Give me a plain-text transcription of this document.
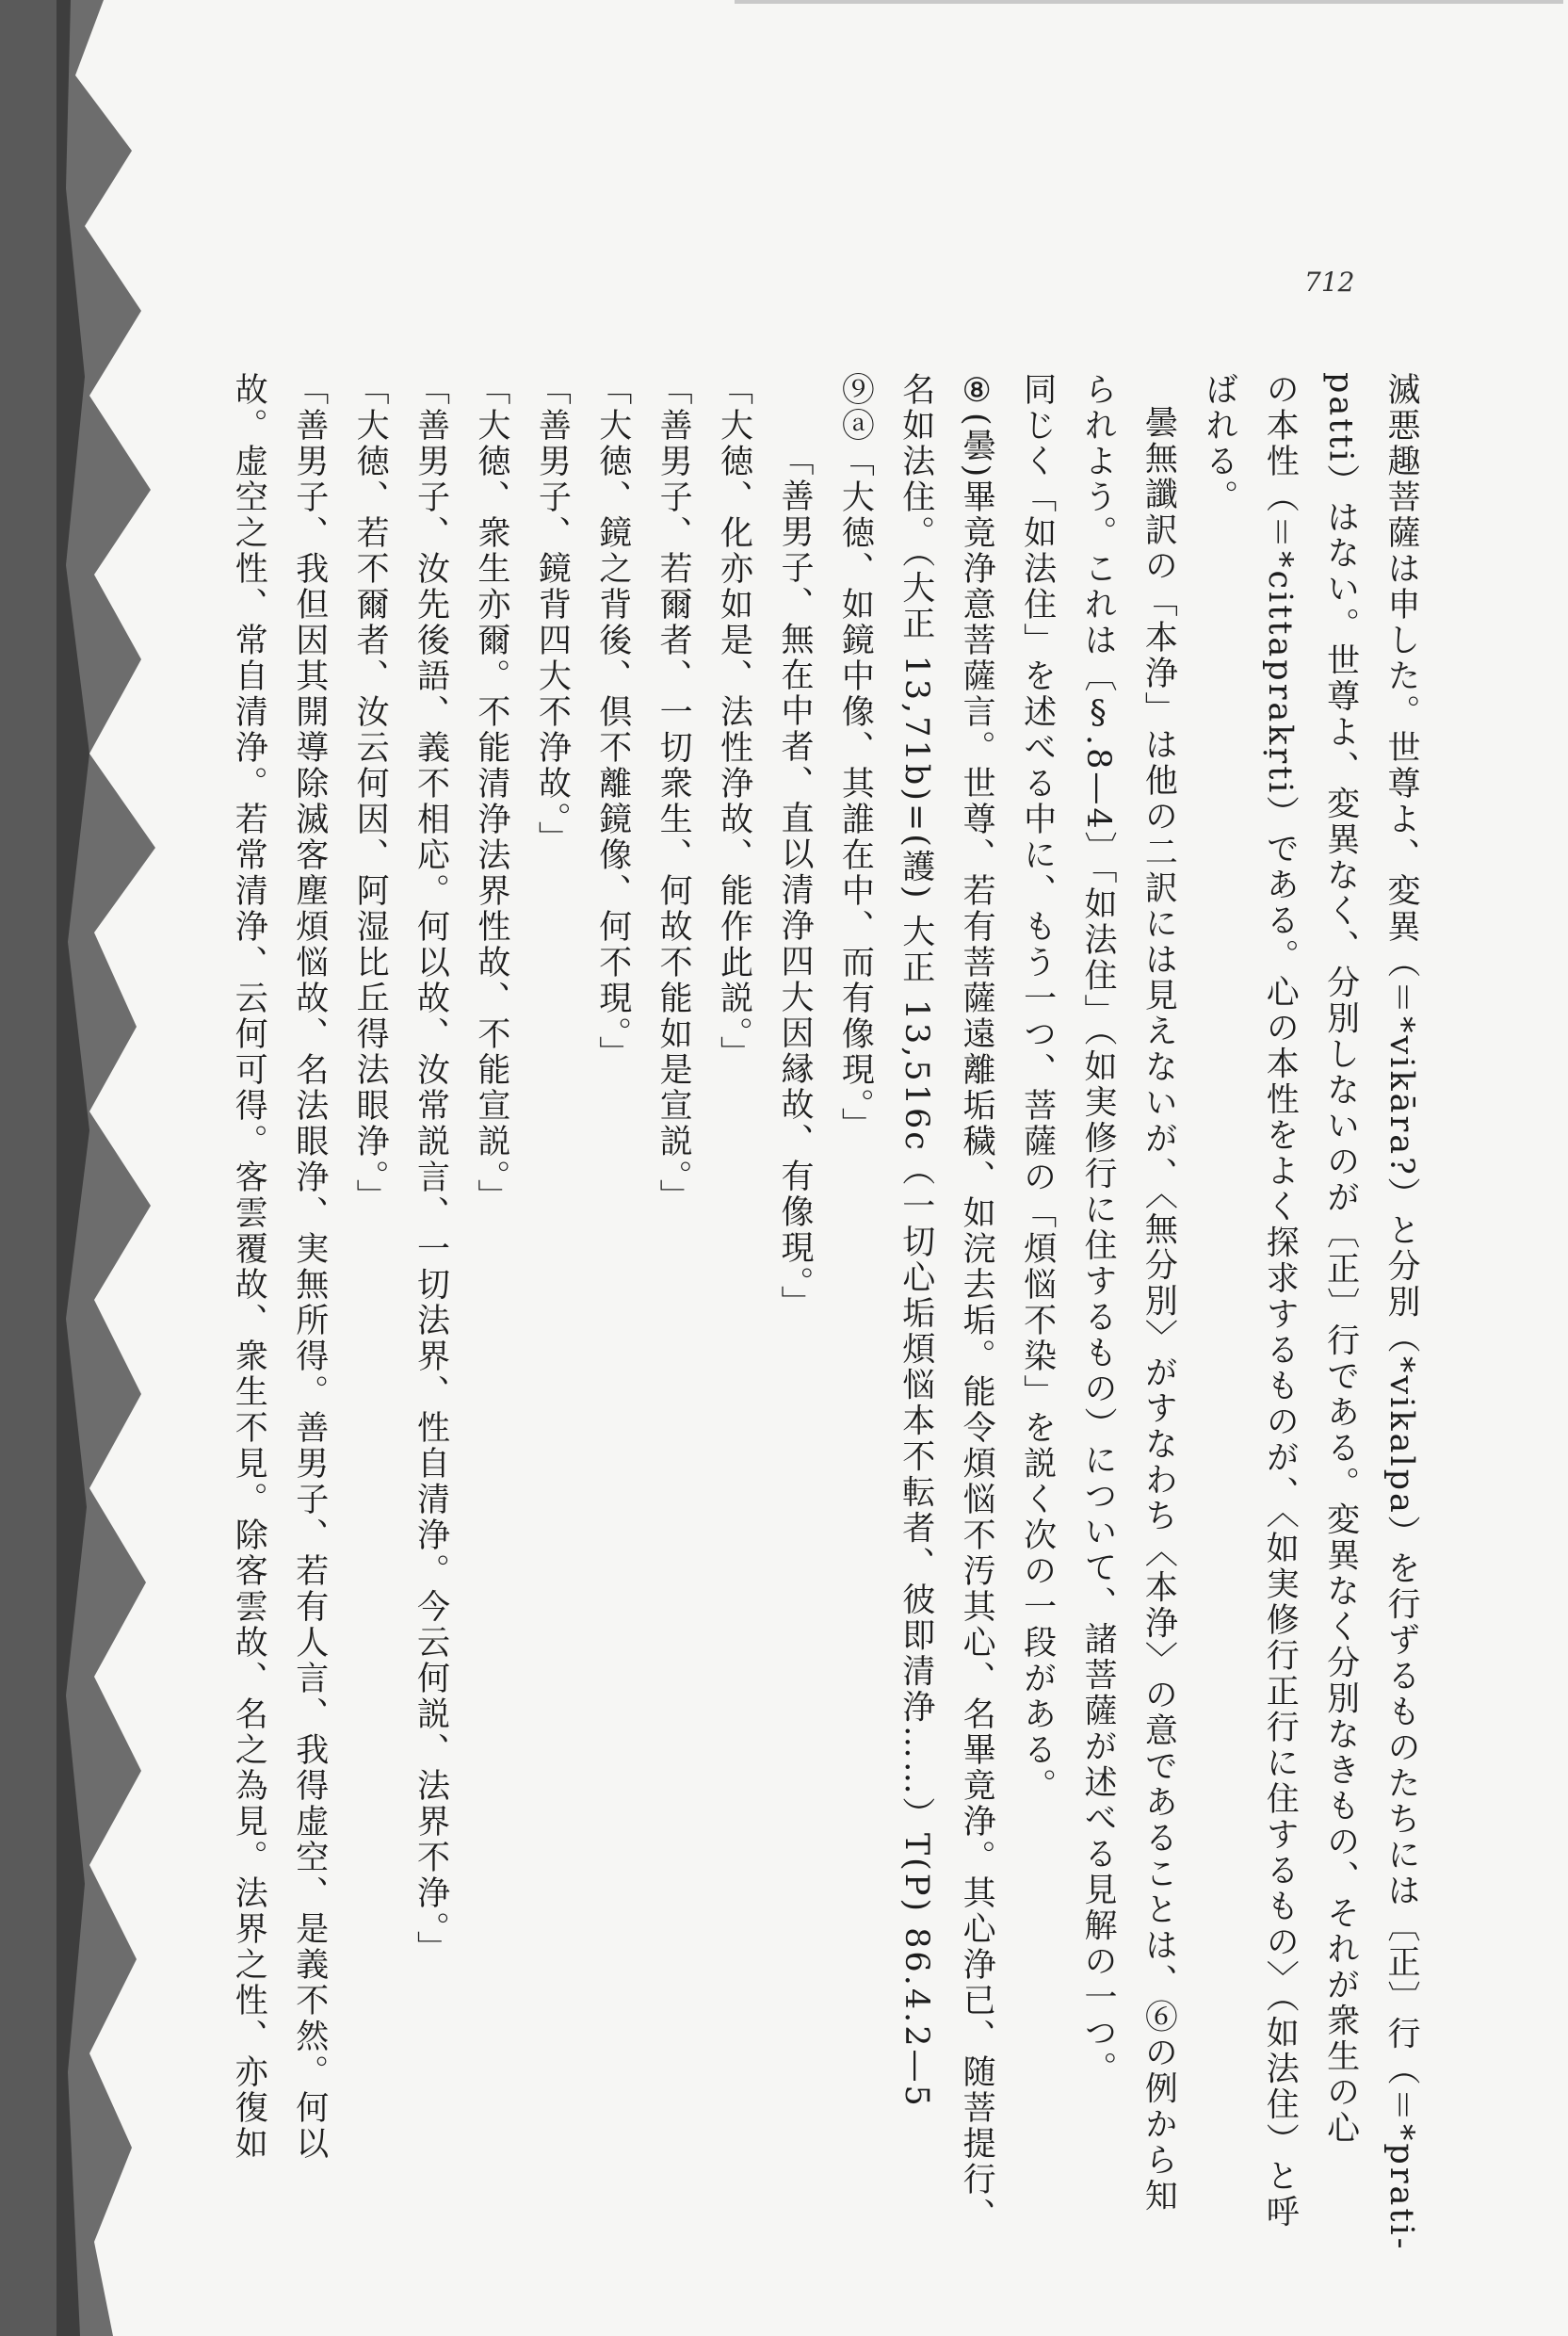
712
滅悪趣菩薩は申した。世尊よ、変異（＝*vikāra?）と分別（*vikalpa）を行ずるものたちには〔正〕行（＝*prati-
patti）はない。世尊よ、変異なく、分別しないのが〔正〕行である。変異なく分別なきもの、それが衆生の心
の本性（＝*cittaprakṛti）である。心の本性をよく探求するものが、〈如実修行正行に住するもの〉（如法住）と呼
ばれる。
曇無讖訳の「本浄」は他の二訳には見えないが、〈無分別〉がすなわち〈本浄〉の意であることは、⑥の例から知
られよう。これは〔§.8—4〕「如法住」（如実修行に住するもの）について、諸菩薩が述べる見解の一つ。
同じく「如法住」を述べる中に、もう一つ、菩薩の「煩悩不染」を説く次の一段がある。
⑧(曇)畢竟浄意菩薩言。世尊、若有菩薩遠離垢穢、如浣去垢。能令煩悩不汚其心、名畢竟浄。其心浄已、随菩提行、
名如法住。（大正 13,71b)=(護) 大正 13,516c（一切心垢煩悩本不転者、彼即清浄……）T(P) 86.4.2—5
⑨ⓐ「大徳、如鏡中像、其誰在中、而有像現。」
「善男子、無在中者、直以清浄四大因縁故、有像現。」
「大徳、化亦如是、法性浄故、能作此説。」
「善男子、若爾者、一切衆生、何故不能如是宣説。」
「大徳、鏡之背後、倶不離鏡像、何不現。」
「善男子、鏡背四大不浄故。」
「大徳、衆生亦爾。不能清浄法界性故、不能宣説。」
「善男子、汝先後語、義不相応。何以故、汝常説言、一切法界、性自清浄。今云何説、法界不浄。」
「大徳、若不爾者、汝云何因、阿湿比丘得法眼浄。」
「善男子、我但因其開導除滅客塵煩悩故、名法眼浄、実無所得。善男子、若有人言、我得虚空、是義不然。何以
故。虚空之性、常自清浄。若常清浄、云何可得。客雲覆故、衆生不見。除客雲故、名之為見。法界之性、亦復如
